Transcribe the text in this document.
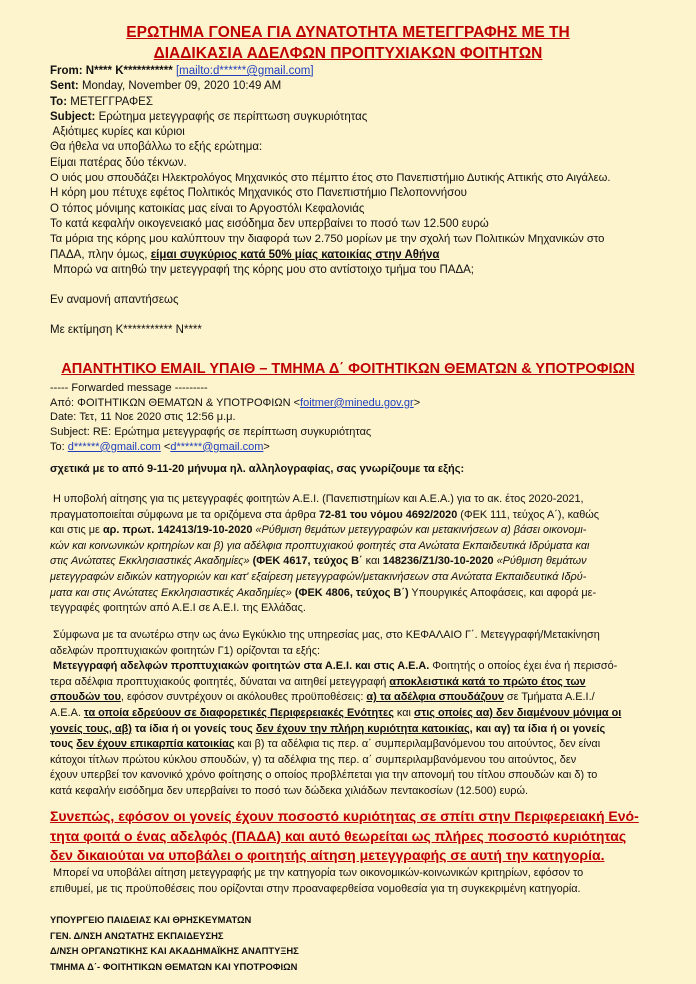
ΕΡΩΤΗΜΑ ΓΟΝΕΑ ΓΙΑ ΔΥΝΑΤΟΤΗΤΑ ΜΕΤΕΓΓΡΑΦΗΣ ΜΕ ΤΗ
ΔΙΑΔΙΚΑΣΙΑ ΑΔΕΛΦΩΝ ΠΡΟΠΤΥΧΙΑΚΩΝ ΦΟΙΤΗΤΩΝ
From: N**** K*********** [mailto:d******@gmail.com]
Sent: Monday, November 09, 2020 10:49 AM
To: ΜΕΤΕΓΓΡΑΦΕΣ
Subject: Ερώτημα μετεγγραφής σε περίπτωση συγκυριότητας
Αξιότιμες κυρίες και κύριοι
Θα ήθελα να υποβάλλω το εξής ερώτημα:
Είμαι πατέρας δύο τέκνων.
Ο υιός μου σπουδάζει Ηλεκτρολόγος Μηχανικός στο πέμπτο έτος στο Πανεπιστήμιο Δυτικής Αττικής στο Αιγάλεω.
Η κόρη μου πέτυχε εφέτος Πολιτικός Μηχανικός στο Πανεπιστήμιο Πελοποννήσου
Ο τόπος μόνιμης κατοικίας μας είναι το Αργοστόλι Κεφαλονιάς
Το κατά κεφαλήν οικογενειακό μας εισόδημα δεν υπερβαίνει το ποσό των 12.500 ευρώ
Τα μόρια της κόρης μου καλύπτουν την διαφορά των 2.750 μορίων με την σχολή των Πολιτικών Μηχανικών στο
ΠΑΔΑ, πλην όμως, είμαι συγκύριος κατά 50% μίας κατοικίας στην Αθήνα
Μπορώ να αιτηθώ την μετεγγραφή της κόρης μου στο αντίστοιχο τμήμα του ΠΑΔΑ;
Εν αναμονή απαντήσεως
Με εκτίμηση K*********** N****
ΑΠΑΝΤΗΤΙΚΟ EMAIL ΥΠΑΙΘ – ΤΜΗΜΑ Δ΄ ΦΟΙΤΗΤΙΚΩΝ ΘΕΜΑΤΩΝ & ΥΠΟΤΡΟΦΙΩΝ
----- Forwarded message ---------
Από: ΦΟΙΤΗΤΙΚΩΝ ΘΕΜΑΤΩΝ & ΥΠΟΤΡΟΦΙΩΝ <foitmer@minedu.gov.gr>
Date: Τετ, 11 Νοε 2020 στις 12:56 μ.μ.
Subject: RE: Ερώτημα μετεγγραφής σε περίπτωση συγκυριότητας
To: d******@gmail.com <d******@gmail.com>
σχετικά με το από 9-11-20 μήνυμα ηλ. αλληλογραφίας, σας γνωρίζουμε τα εξής:
Η υποβολή αίτησης για τις μετεγγραφές φοιτητών Α.Ε.Ι. (Πανεπιστημίων και Α.Ε.Α.) για το ακ. έτος 2020-2021,
πραγματοποιείται σύμφωνα με τα οριζόμενα στα άρθρα 72-81 του νόμου 4692/2020 (ΦΕΚ 111, τεύχος Α΄), καθώς
και στις με αρ. πρωτ. 142413/19-10-2020 «Ρύθμιση θεμάτων μετεγγραφών και μετακινήσεων α) βάσει οικονομι-
κών και κοινωνικών κριτηρίων και β) για αδέλφια προπτυχιακού φοιτητές στα Ανώτατα Εκπαιδευτικά Ιδρύματα και
στις Ανώτατες Εκκλησιαστικές Ακαδημίες» (ΦΕΚ 4617, τεύχος Β΄ και 148236/Ζ1/30-10-2020 «Ρύθμιση θεμάτων
μετεγγραφών ειδικών κατηγοριών και κατ' εξαίρεση μετεγγραφών/μετακινήσεων στα Ανώτατα Εκπαιδευτικά Ιδρύ-
ματα και στις Ανώτατες Εκκλησιαστικές Ακαδημίες» (ΦΕΚ 4806, τεύχος Β΄) Υπουργικές Αποφάσεις, και αφορά με-
τεγγραφές φοιτητών από Α.Ε.Ι σε Α.Ε.Ι. της Ελλάδας.
Σύμφωνα με τα ανωτέρω στην ως άνω Εγκύκλιο της υπηρεσίας μας, στο ΚΕΦΑΛΑΙΟ Γ΄. Μετεγγραφή/Μετακίνηση
αδελφών προπτυχιακών φοιτητών Γ1) ορίζονται τα εξής:
Μετεγγραφή αδελφών προπτυχιακών φοιτητών στα Α.Ε.Ι. και στις Α.Ε.Α. Φοιτητής ο οποίος έχει ένα ή περισσό-
τερα αδέλφια προπτυχιακούς φοιτητές, δύναται να αιτηθεί μετεγγραφή αποκλειστικά κατά το πρώτο έτος των
σπουδών του, εφόσον συντρέχουν οι ακόλουθες προϋποθέσεις: α) τα αδέλφια σπουδάζουν σε Τμήματα Α.Ε.Ι./
Α.Ε.Α. τα οποία εδρεύουν σε διαφορετικές Περιφερειακές Ενότητες και στις οποίες αα) δεν διαμένουν μόνιμα οι
γονείς τους, αβ) τα ίδια ή οι γονείς τους δεν έχουν την πλήρη κυριότητα κατοικίας, και αγ) τα ίδια ή οι γονείς
τους δεν έχουν επικαρπία κατοικίας και β) τα αδέλφια τις περ. α΄ συμπεριλαμβανόμενου του αιτούντος, δεν είναι
κάτοχοι τίτλων πρώτου κύκλου σπουδών, γ) τα αδέλφια της περ. α΄ συμπεριλαμβανόμενου του αιτούντος, δεν
έχουν υπερβεί τον κανονικό χρόνο φοίτησης ο οποίος προβλέπεται για την απονομή του τίτλου σπουδών και δ) το
κατά κεφαλήν εισόδημα δεν υπερβαίνει το ποσό των δώδεκα χιλιάδων πεντακοσίων (12.500) ευρώ.
Συνεπώς, εφόσον οι γονείς έχουν ποσοστό κυριότητας σε σπίτι στην Περιφερειακή Ενό-
τητα φοιτά ο ένας αδελφός (ΠΑΔΑ) και αυτό θεωρείται ως πλήρες ποσοστό κυριότητας
δεν δικαιούται να υποβάλει ο φοιτητής αίτηση μετεγγραφής σε αυτή την κατηγορία.
Μπορεί να υποβάλει αίτηση μετεγγραφής με την κατηγορία των οικονομικών-κοινωνικών κριτηρίων, εφόσον το
επιθυμεί, με τις προϋποθέσεις που ορίζονται στην προαναφερθείσα νομοθεσία για τη συγκεκριμένη κατηγορία.
ΥΠΟΥΡΓΕΙΟ ΠΑΙΔΕΙΑΣ ΚΑΙ ΘΡΗΣΚΕΥΜΑΤΩΝ
ΓΕΝ. Δ/ΝΣΗ ΑΝΩΤΑΤΗΣ ΕΚΠΑΙΔΕΥΣΗΣ
Δ/ΝΣΗ ΟΡΓΑΝΩΤΙΚΗΣ ΚΑΙ ΑΚΑΔΗΜΑΪΚΗΣ ΑΝΑΠΤΥΞΗΣ
ΤΜΗΜΑ Δ΄- ΦΟΙΤΗΤΙΚΩΝ ΘΕΜΑΤΩΝ ΚΑΙ ΥΠΟΤΡΟΦΙΩΝ
